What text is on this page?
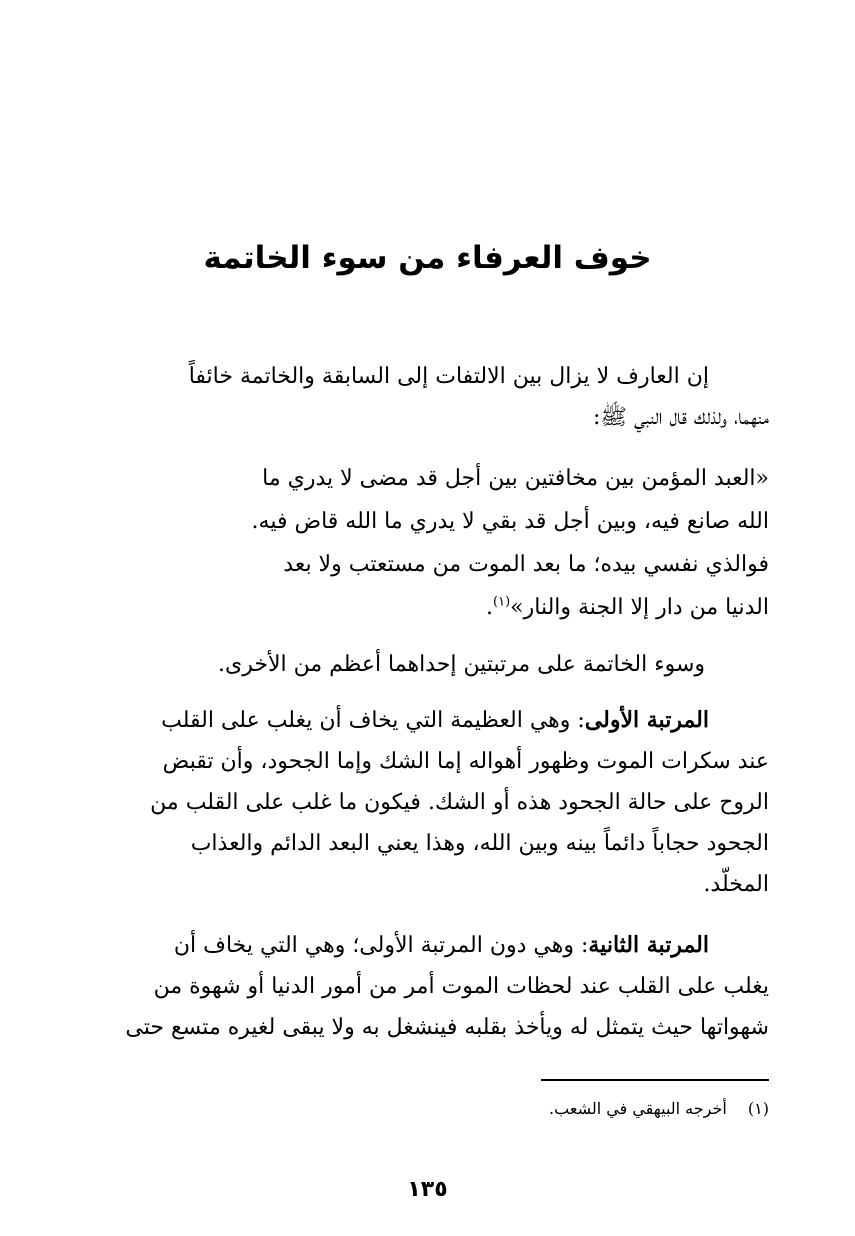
خوف العرفاء من سوء الخاتمة
إن العارف لا يزال بين الالتفات إلى السابقة والخاتمة خائفاً
منهما، ولذلك قال النبي ﷺ:
«العبد المؤمن بين مخافتين بين أجل قد مضى لا يدري ما
الله صانع فيه، وبين أجل قد بقي لا يدري ما الله قاض فيه.
فوالذي نفسي بيده؛ ما بعد الموت من مستعتب ولا بعد
الدنيا من دار إلا الجنة والنار»$^{(١)}$.
وسوء الخاتمة على مرتبتين إحداهما أعظم من الأخرى.
المرتبة الأولى: وهي العظيمة التي يخاف أن يغلب على القلب
عند سكرات الموت وظهور أهواله إما الشك وإما الجحود، وأن تقبض
الروح على حالة الجحود هذه أو الشك. فيكون ما غلب على القلب من
الجحود حجاباً دائماً بينه وبين الله، وهذا يعني البعد الدائم والعذاب
المخلّد.
المرتبة الثانية: وهي دون المرتبة الأولى؛ وهي التي يخاف أن
يغلب على القلب عند لحظات الموت أمر من أمور الدنيا أو شهوة من
شهواتها حيث يتمثل له ويأخذ بقلبه فينشغل به ولا يبقى لغيره متسع حتى
(١) أخرجه البيهقي في الشعب.
١٣٥
